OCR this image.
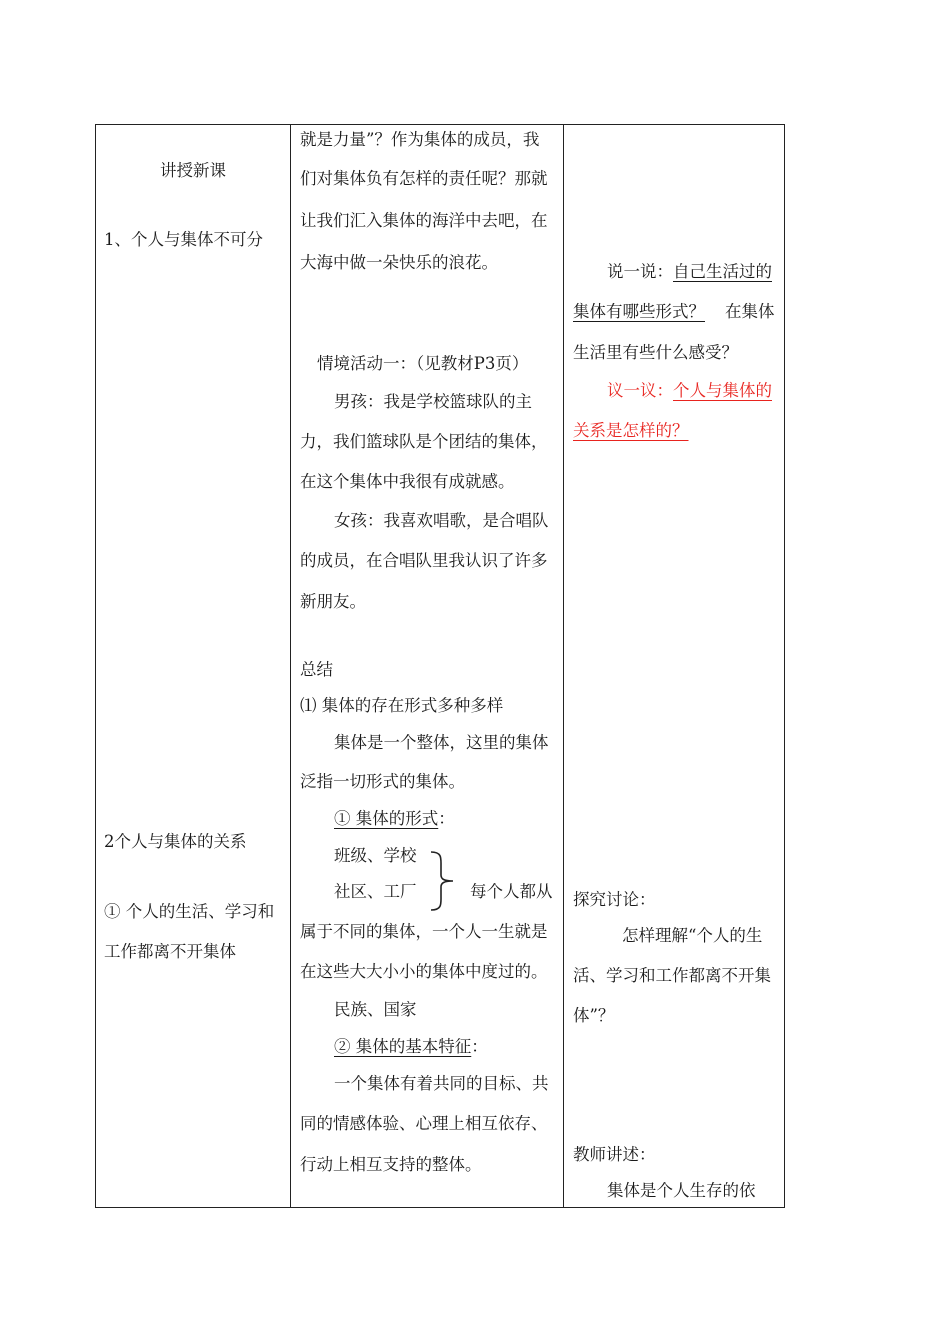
讲授新课
1、个人与集体不可分
2个人与集体的关系
① 个人的生活、学习和
工作都离不开集体
就是力量”？作为集体的成员，我
们对集体负有怎样的责任呢？那就
让我们汇入集体的海洋中去吧，在
大海中做一朵快乐的浪花。
情境活动一：（见教材P3页）
男孩：我是学校篮球队的主
力，我们篮球队是个团结的集体，
在这个集体中我很有成就感。
女孩：我喜欢唱歌，是合唱队
的成员，在合唱队里我认识了许多
新朋友。
总结
⑴ 集体的存在形式多种多样
集体是一个整体，这里的集体
泛指一切形式的集体。
① 集体的形式：
班级、学校
社区、工厂	每个人都从
属于不同的集体，一个人一生就是
在这些大大小小的集体中度过的。
民族、国家
② 集体的基本特征：
一个集体有着共同的目标、共
同的情感体验、心理上相互依存、
行动上相互支持的整体。
说一说：自己生活过的
集体有哪些形式？ 在集体
生活里有些什么感受？
议一议：个人与集体的
关系是怎样的？
探究讨论：
怎样理解“个人的生
活、学习和工作都离不开集
体”？
教师讲述：
集体是个人生存的依
